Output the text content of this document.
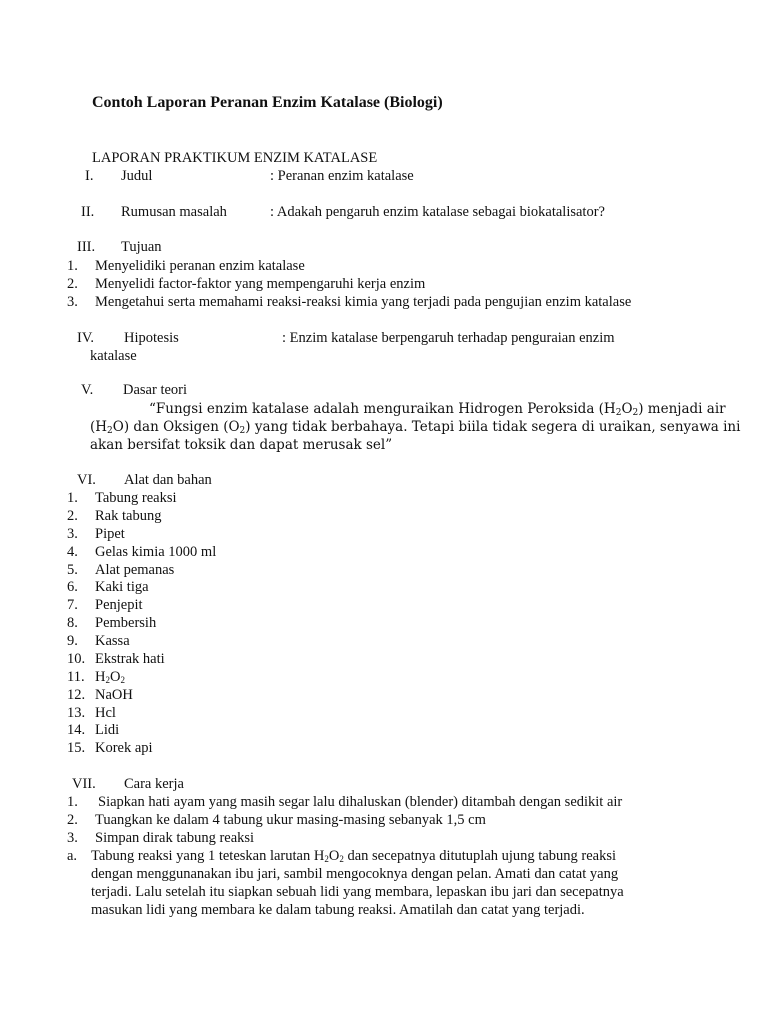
Contoh Laporan Peranan Enzim Katalase (Biologi)
LAPORAN PRAKTIKUM ENZIM KATALASE
I. Judul	: Peranan enzim katalase
II. Rumusan masalah	: Adakah pengaruh enzim katalase sebagai biokatalisator?
III. Tujuan
1. Menyelidiki peranan enzim katalase
2. Menyelidi factor-faktor yang mempengaruhi kerja enzim
3. Mengetahui serta memahami reaksi-reaksi kimia yang terjadi pada pengujian enzim katalase
IV. Hipotesis	: Enzim katalase berpengaruh terhadap penguraian enzim
katalase
V. Dasar teori
“Fungsi enzim katalase adalah menguraikan Hidrogen Peroksida $(H_2O_2)$ menjadi air
$(H_2O)$ dan Oksigen $(O_2)$ yang tidak berbahaya. Tetapi biila tidak segera di uraikan, senyawa ini
akan bersifat toksik dan dapat merusak sel”
VI. Alat dan bahan
1. Tabung reaksi
2. Rak tabung
3. Pipet
4. Gelas kimia 1000 ml
5. Alat pemanas
6. Kaki tiga
7. Penjepit
8. Pembersih
9. Kassa
10. Ekstrak hati
11. $H_2O_2$
12. NaOH
13. Hcl
14. Lidi
15. Korek api
VII. Cara kerja
1. Siapkan hati ayam yang masih segar lalu dihaluskan (blender) ditambah dengan sedikit air
2. Tuangkan ke dalam 4 tabung ukur masing-masing sebanyak 1,5 cm
3. Simpan dirak tabung reaksi
a. Tabung reaksi yang 1 teteskan larutan $H_2O_2$ dan secepatnya ditutuplah ujung tabung reaksi
dengan menggunanakan ibu jari, sambil mengocoknya dengan pelan. Amati dan catat yang
terjadi. Lalu setelah itu siapkan sebuah lidi yang membara, lepaskan ibu jari dan secepatnya
masukan lidi yang membara ke dalam tabung reaksi. Amatilah dan catat yang terjadi.
